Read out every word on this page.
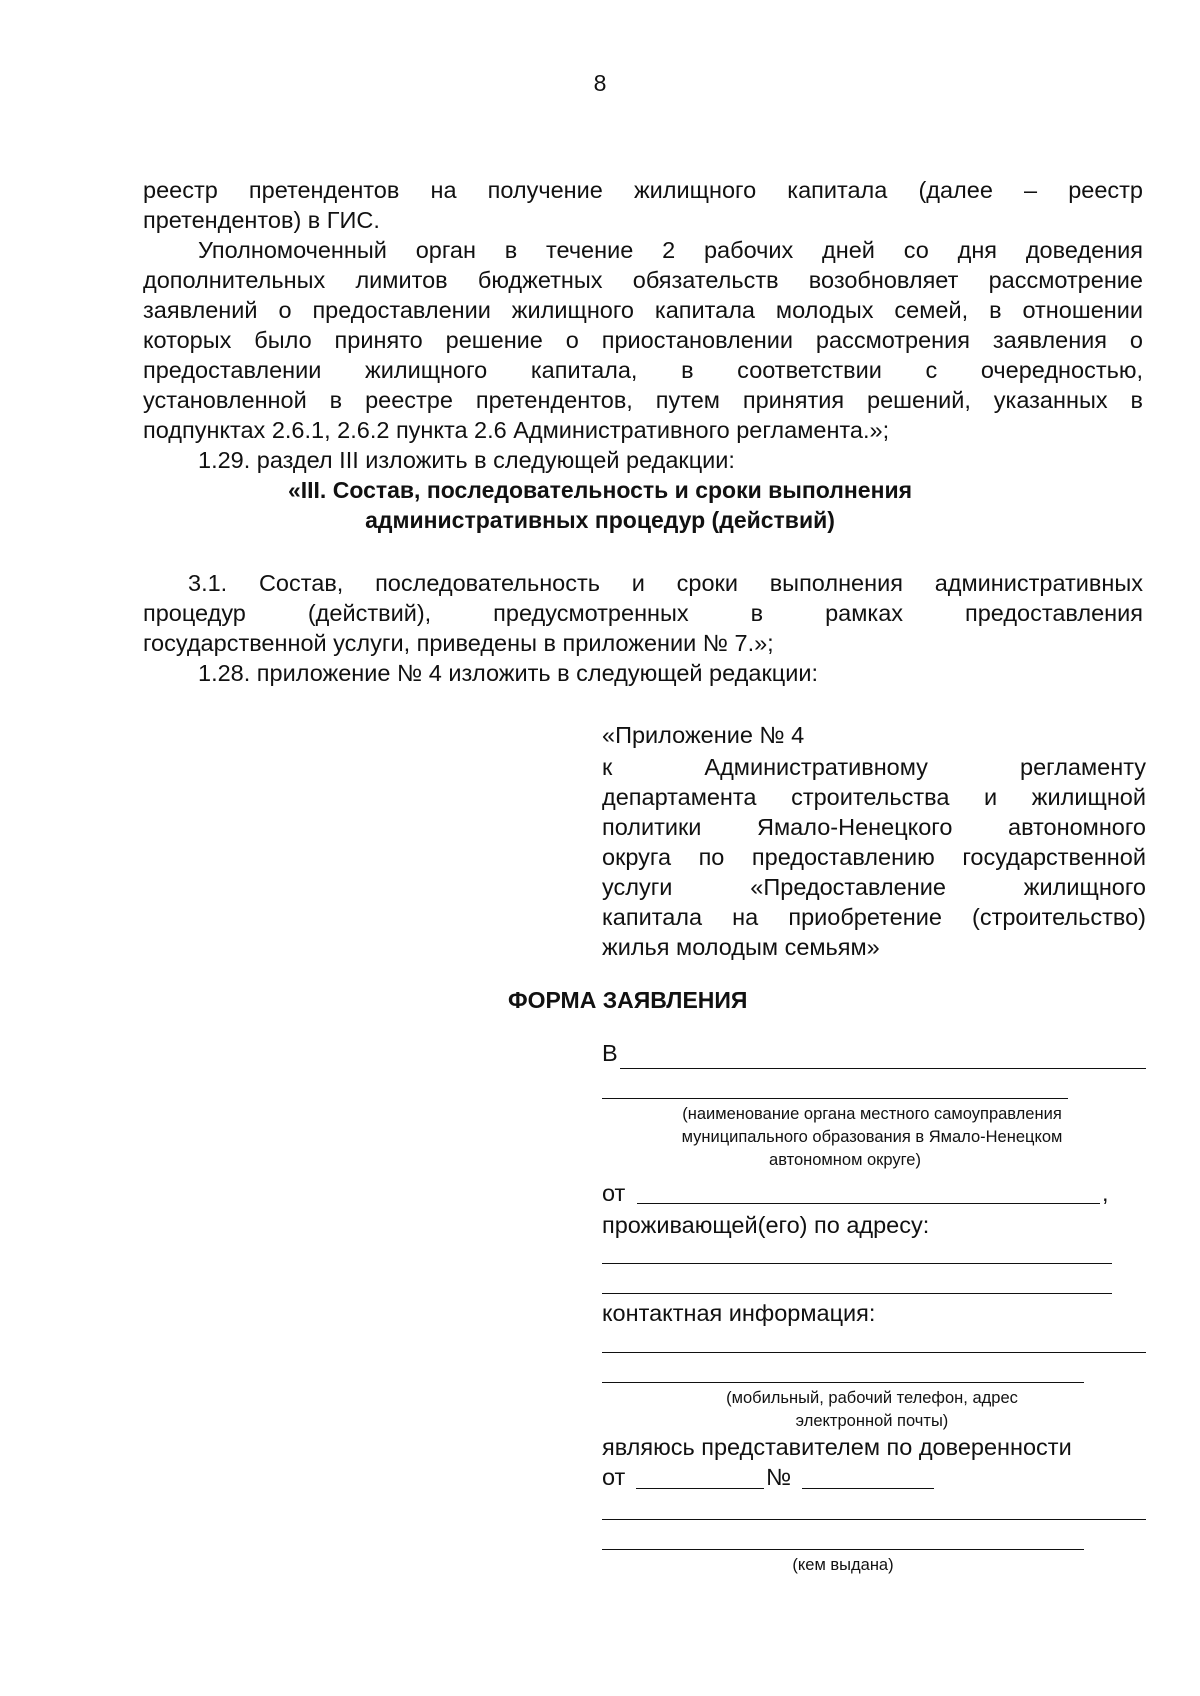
8
реестр претендентов на получение жилищного капитала (далее – реестр
претендентов) в ГИС.
Уполномоченный орган в течение 2 рабочих дней со дня доведения
дополнительных лимитов бюджетных обязательств возобновляет рассмотрение
заявлений о предоставлении жилищного капитала молодых семей, в отношении
которых было принято решение о приостановлении рассмотрения заявления о
предоставлении жилищного капитала, в соответствии с очередностью,
установленной в реестре претендентов, путем принятия решений, указанных в
подпунктах 2.6.1, 2.6.2 пункта 2.6 Административного регламента.»;
1.29. раздел III изложить в следующей редакции:
«III. Состав, последовательность и сроки выполнения
административных процедур (действий)
3.1. Состав, последовательность и сроки выполнения административных
процедур (действий), предусмотренных в рамках предоставления
государственной услуги, приведены в приложении № 7.»;
1.28. приложение № 4 изложить в следующей редакции:
«Приложение № 4
к Административному регламенту
департамента строительства и жилищной
политики Ямало-Ненецкого автономного
округа по предоставлению государственной
услуги «Предоставление жилищного
капитала на приобретение (строительство)
жилья молодым семьям»
ФОРМА ЗАЯВЛЕНИЯ
В
(наименование органа местного самоуправления
муниципального образования в Ямало-Ненецком
автономном округе)
от	,
проживающей(его) по адресу:
контактная информация:
(мобильный, рабочий телефон, адрес
электронной почты)
являюсь представителем по доверенности
от	№
(кем выдана)
